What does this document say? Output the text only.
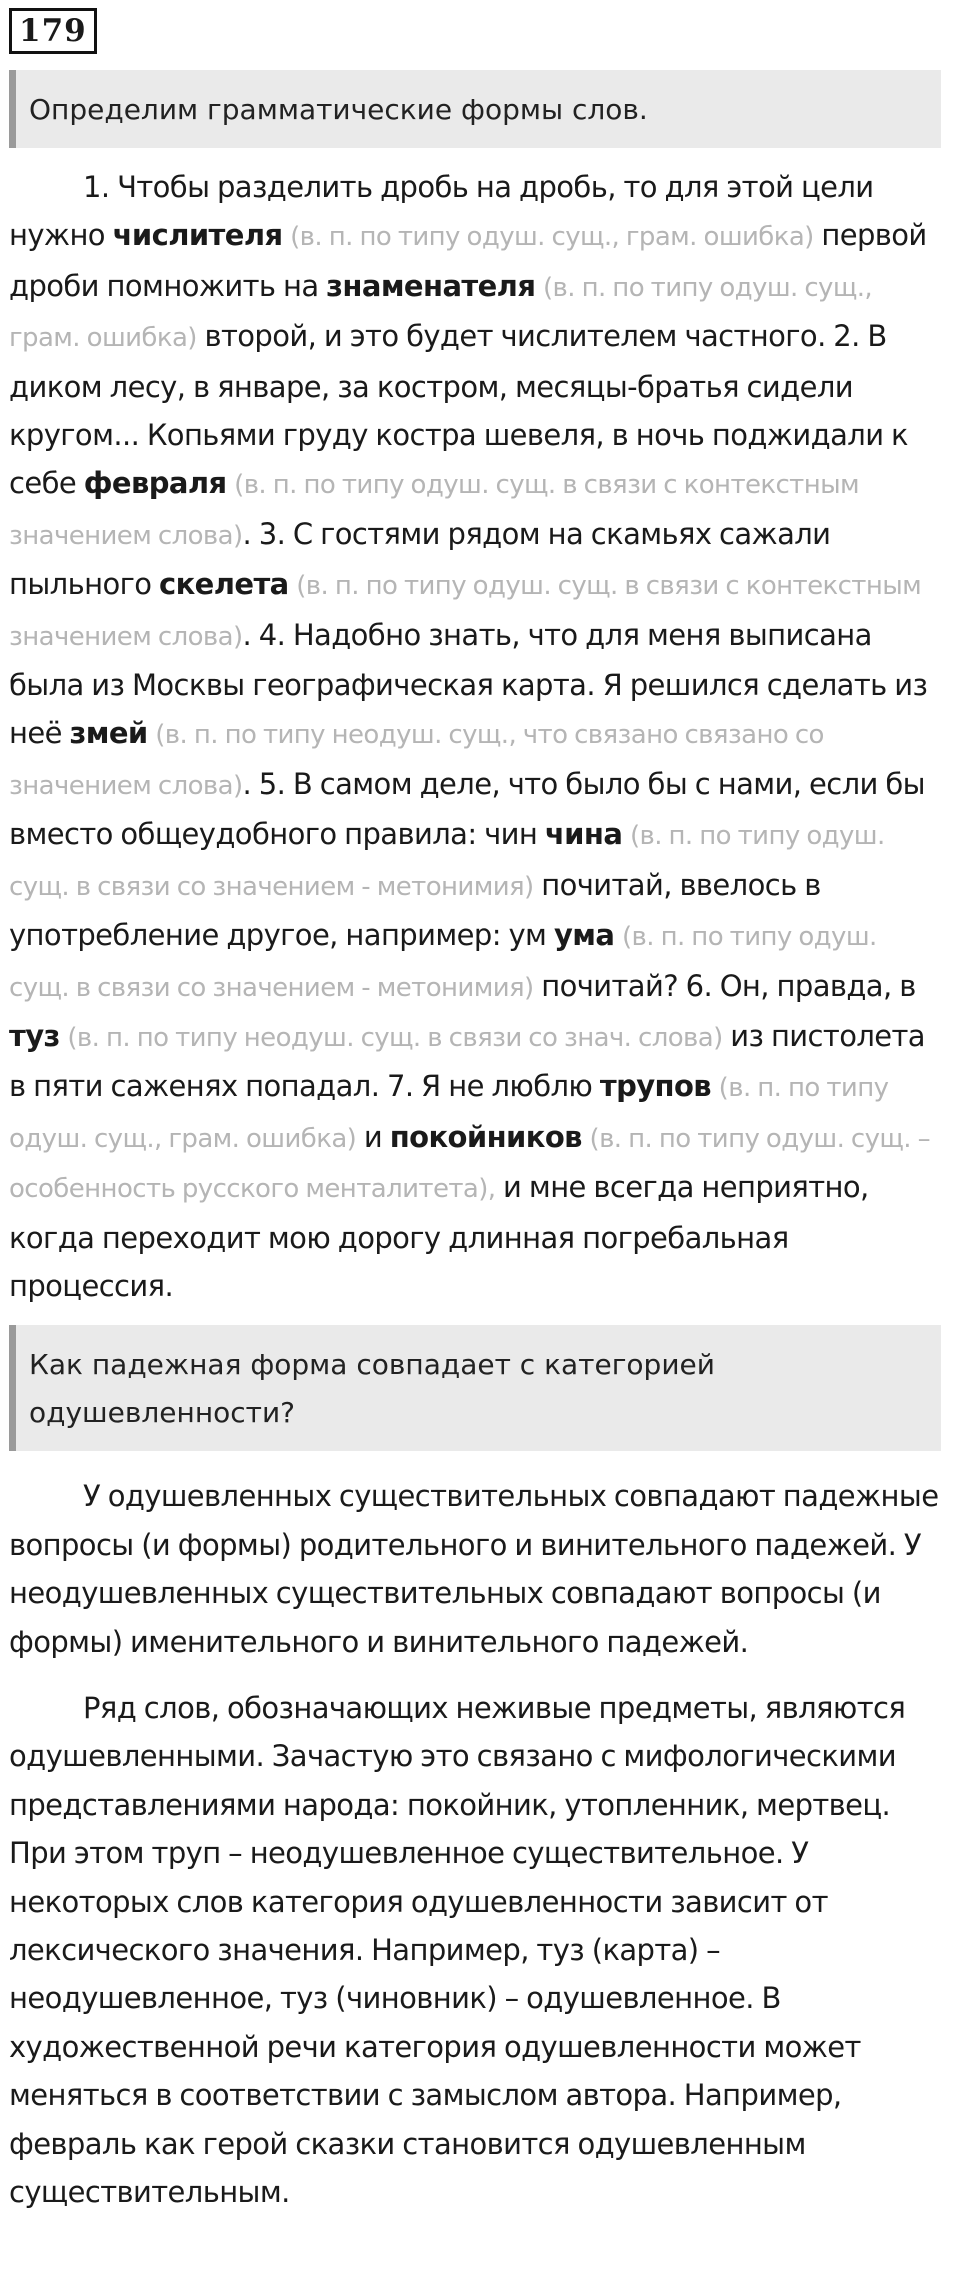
179
Определим грамматические формы слов.

1. Чтобы разделить дробь на дробь, то для этой цели нужно числителя (в. п. по типу одуш. сущ., грам. ошибка) первой дроби помножить на знаменателя (в. п. по типу одуш. сущ., грам. ошибка) второй, и это будет числителем частного. 2. В диком лесу, в январе, за костром, месяцы-братья сидели кругом... Копьями груду костра шевеля, в ночь поджидали к себе февраля (в. п. по типу одуш. сущ. в связи с контекстным значением слова). 3. С гостями рядом на скамьях сажали пыльного скелета (в. п. по типу одуш. сущ. в связи с контекстным значением слова). 4. Надобно знать, что для меня выписана была из Москвы географическая карта. Я решился сделать из неё змей (в. п. по типу неодуш. сущ., что связано связано со значением слова). 5. В самом деле, что было бы с нами, если бы вместо общеудобного правила: чин чина (в. п. по типу одуш. сущ. в связи со значением - метонимия) почитай, ввелось в употребление другое, например: ум ума (в. п. по типу одуш. сущ. в связи со значением - метонимия) почитай? 6. Он, правда, в туз (в. п. по типу неодуш. сущ. в связи со знач. слова) из пистолета в пяти саженях попадал. 7. Я не люблю трупов (в. п. по типу одуш. сущ., грам. ошибка) и покойников (в. п. по типу одуш. сущ. – особенность русского менталитета), и мне всегда неприятно, когда переходит мою дорогу длинная погребальная процессия.

Как падежная форма совпадает с категорией одушевленности?

У одушевленных существительных совпадают падежные вопросы (и формы) родительного и винительного падежей. У неодушевленных существительных совпадают вопросы (и формы) именительного и винительного падежей.

Ряд слов, обозначающих неживые предметы, являются одушевленными. Зачастую это связано с мифологическими представлениями народа: покойник, утопленник, мертвец. При этом труп – неодушевленное существительное. У некоторых слов категория одушевленности зависит от лексического значения. Например, туз (карта) – неодушевленное, туз (чиновник) – одушевленное. В художественной речи категория одушевленности может меняться в соответствии с замыслом автора. Например, февраль как герой сказки становится одушевленным существительным.
